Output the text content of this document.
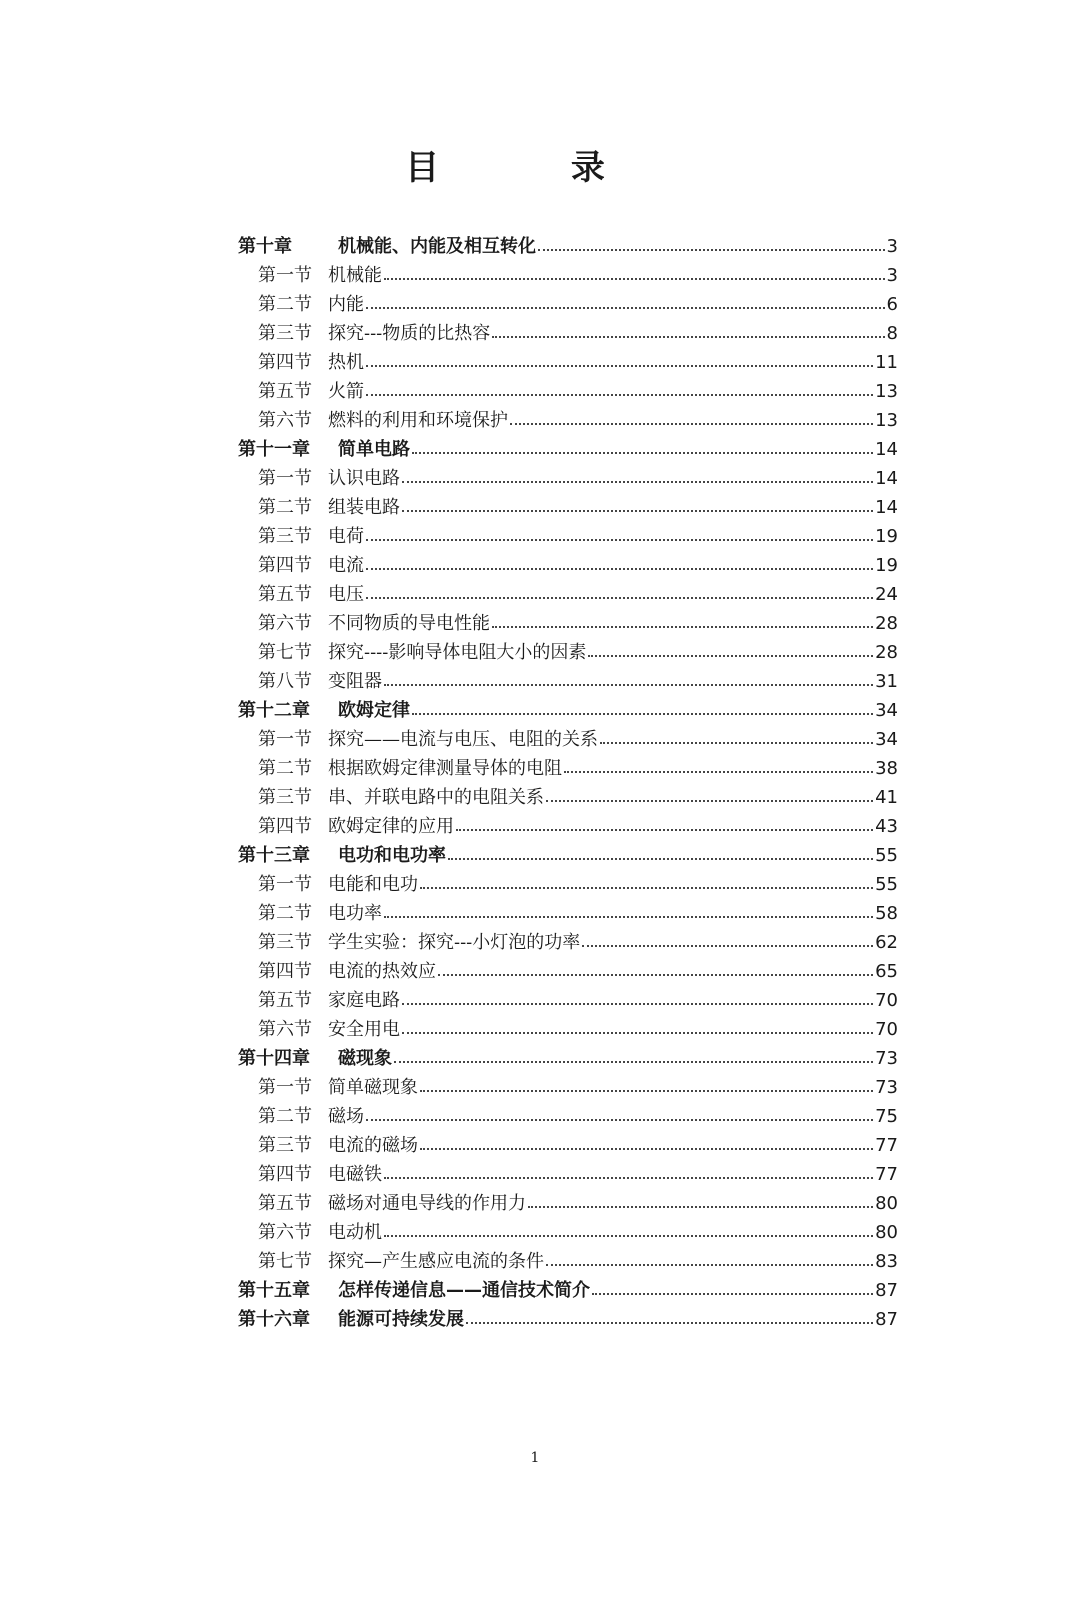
目 录
第十章	机械能、内能及相互转化	3
第一节 机械能	3
第二节 内能	6
第三节 探究---物质的比热容	8
第四节 热机	11
第五节 火箭	13
第六节 燃料的利用和环境保护	13
第十一章	简单电路	14
第一节 认识电路	14
第二节 组装电路	14
第三节 电荷	19
第四节 电流	19
第五节 电压	24
第六节 不同物质的导电性能	28
第七节 探究----影响导体电阻大小的因素	28
第八节 变阻器	31
第十二章	欧姆定律	34
第一节 探究——电流与电压、电阻的关系	34
第二节 根据欧姆定律测量导体的电阻	38
第三节 串、并联电路中的电阻关系	41
第四节 欧姆定律的应用	43
第十三章	电功和电功率	55
第一节 电能和电功	55
第二节 电功率	58
第三节 学生实验：探究---小灯泡的功率	62
第四节 电流的热效应	65
第五节 家庭电路	70
第六节 安全用电	70
第十四章	磁现象	73
第一节 简单磁现象	73
第二节 磁场	75
第三节 电流的磁场	77
第四节 电磁铁	77
第五节 磁场对通电导线的作用力	80
第六节 电动机	80
第七节 探究—产生感应电流的条件	83
第十五章	怎样传递信息——通信技术简介	87
第十六章	能源可持续发展	87
1
